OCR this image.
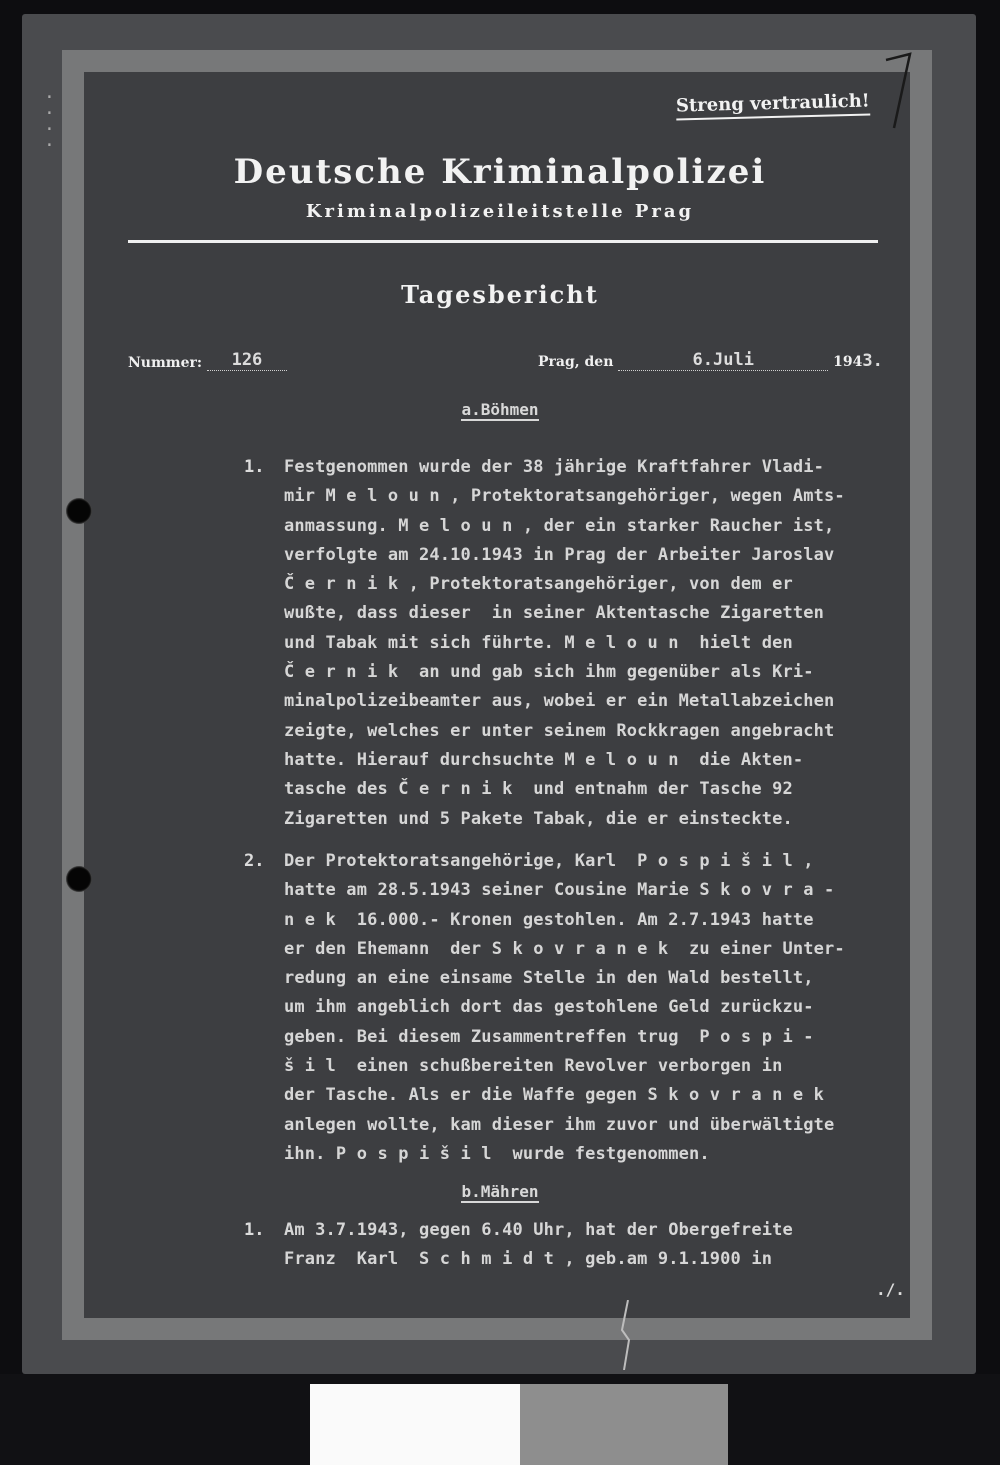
·
·
·
·
Streng vertraulich!
Deutsche Kriminalpolizei
Kriminalpolizeileitstelle Prag
Tagesbericht
Nummer: 126	Prag, den	6.Juli	1943.
a.Böhmen
1. Festgenommen wurde der 38 jährige Kraftfahrer Vladi-
mir M e l o u n , Protektoratsangehöriger, wegen Amts-
anmassung. M e l o u n , der ein starker Raucher ist,
verfolgte am 24.10.1943 in Prag der Arbeiter Jaroslav
Č e r n i k , Protektoratsangehöriger, von dem er
wußte, dass dieser  in seiner Aktentasche Zigaretten
und Tabak mit sich führte. M e l o u n  hielt den
Č e r n i k  an und gab sich ihm gegenüber als Kri-
minalpolizeibeamter aus, wobei er ein Metallabzeichen
zeigte, welches er unter seinem Rockkragen angebracht
hatte. Hierauf durchsuchte M e l o u n  die Akten-
tasche des Č e r n i k  und entnahm der Tasche 92
Zigaretten und 5 Pakete Tabak, die er einsteckte.
2. Der Protektoratsangehörige, Karl  P o s p i š i l ,
hatte am 28.5.1943 seiner Cousine Marie S k o v r a -
n e k  16.000.- Kronen gestohlen. Am 2.7.1943 hatte
er den Ehemann  der S k o v r a n e k  zu einer Unter-
redung an eine einsame Stelle in den Wald bestellt,
um ihm angeblich dort das gestohlene Geld zurückzu-
geben. Bei diesem Zusammentreffen trug  P o s p i -
š i l  einen schußbereiten Revolver verborgen in
der Tasche. Als er die Waffe gegen S k o v r a n e k
anlegen wollte, kam dieser ihm zuvor und überwältigte
ihn. P o s p i š i l  wurde festgenommen.
b.Mähren
1. Am 3.7.1943, gegen 6.40 Uhr, hat der Obergefreite
Franz  Karl  S c h m i d t , geb.am 9.1.1900 in
./.
